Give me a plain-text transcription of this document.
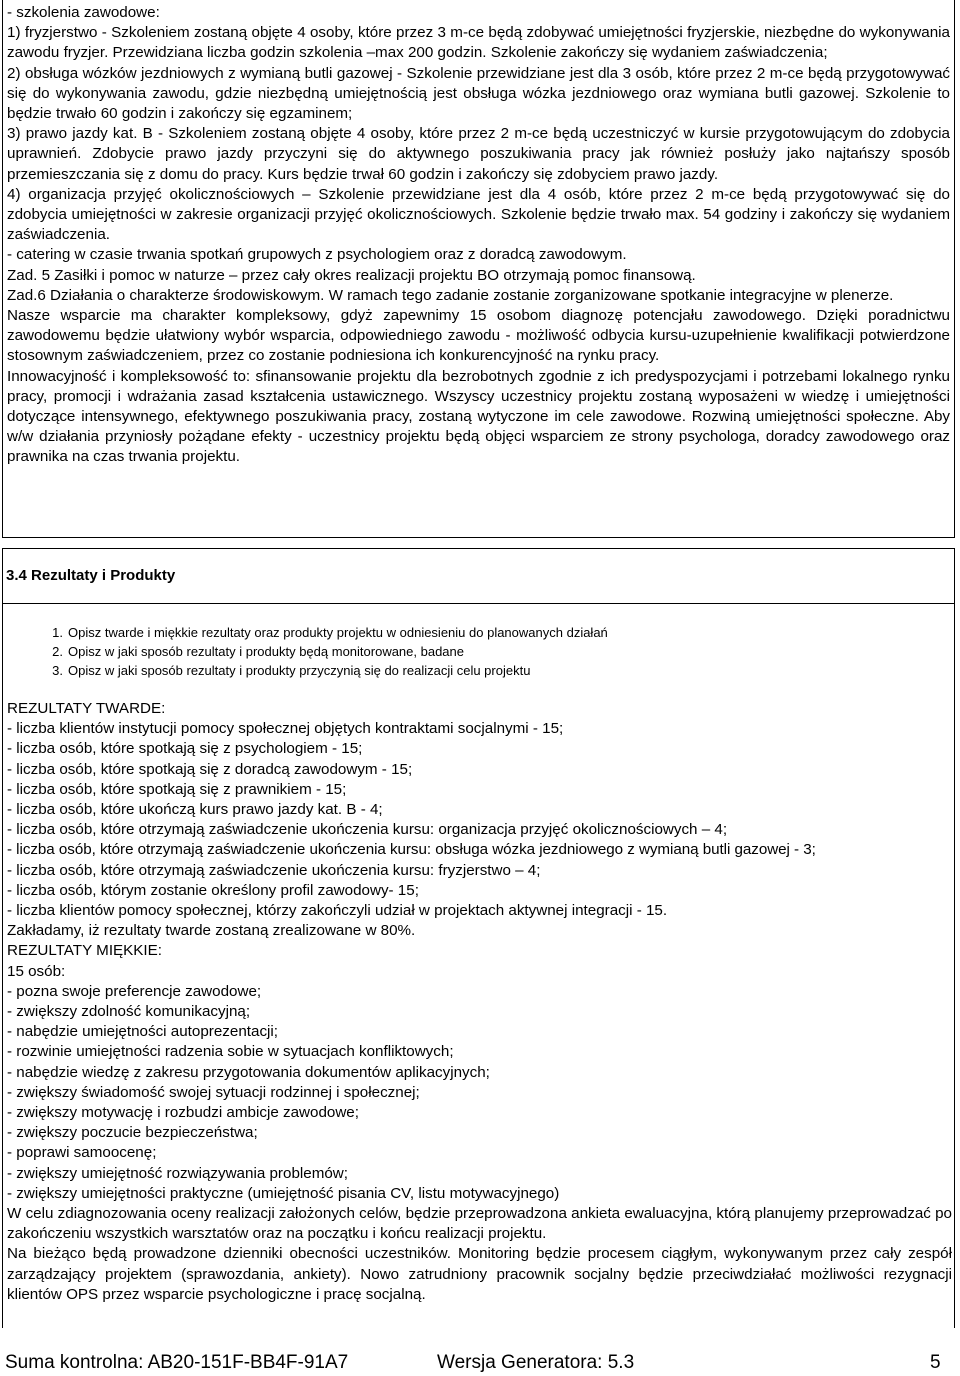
- szkolenia zawodowe:

1) fryzjerstwo - Szkoleniem zostaną objęte 4 osoby, które przez 3 m-ce będą zdobywać umiejętności fryzjerskie, niezbędne do wykonywania zawodu fryzjer. Przewidziana liczba godzin szkolenia –max 200 godzin. Szkolenie zakończy się wydaniem zaświadczenia;

2) obsługa wózków jezdniowych z wymianą butli gazowej - Szkolenie przewidziane jest dla 3 osób, które przez 2 m-ce będą przygotowywać się do wykonywania zawodu, gdzie niezbędną umiejętnością jest obsługa wózka jezdniowego oraz wymiana butli gazowej. Szkolenie to będzie trwało 60 godzin i zakończy się egzaminem;

3) prawo jazdy kat. B - Szkoleniem zostaną objęte 4 osoby, które przez 2 m-ce będą uczestniczyć w kursie przygotowującym do zdobycia uprawnień. Zdobycie prawo jazdy przyczyni się do aktywnego poszukiwania pracy jak również posłuży jako najtańszy sposób przemieszczania się z domu do pracy. Kurs będzie trwał 60 godzin i zakończy się zdobyciem prawo jazdy.

4) organizacja przyjęć okolicznościowych – Szkolenie przewidziane jest dla 4 osób, które przez 2 m-ce będą przygotowywać się do zdobycia umiejętności w zakresie organizacji przyjęć okolicznościowych. Szkolenie będzie trwało max. 54 godziny i zakończy się wydaniem zaświadczenia.

- catering w czasie trwania spotkań grupowych z psychologiem oraz z doradcą zawodowym.

Zad. 5 Zasiłki i pomoc w naturze – przez cały okres realizacji projektu BO otrzymają pomoc finansową.

Zad.6 Działania o charakterze środowiskowym. W ramach tego zadanie zostanie zorganizowane spotkanie integracyjne w plenerze.

Nasze wsparcie ma charakter kompleksowy, gdyż zapewnimy 15 osobom diagnozę potencjału zawodowego. Dzięki poradnictwu zawodowemu będzie ułatwiony wybór wsparcia, odpowiedniego zawodu - możliwość odbycia kursu-uzupełnienie kwalifikacji potwierdzone stosownym zaświadczeniem, przez co zostanie podniesiona ich konkurencyjność na rynku pracy.

Innowacyjność i kompleksowość to: sfinansowanie projektu dla bezrobotnych zgodnie z ich predyspozycjami i potrzebami lokalnego rynku pracy, promocji i wdrażania zasad kształcenia ustawicznego. Wszyscy uczestnicy projektu zostaną wyposażeni w wiedzę i umiejętności dotyczące intensywnego, efektywnego poszukiwania pracy, zostaną wytyczone im cele zawodowe. Rozwiną umiejętności społeczne. Aby w/w działania przyniosły pożądane efekty - uczestnicy projektu będą objęci wsparciem ze strony psychologa, doradcy zawodowego oraz prawnika na czas trwania projektu.

3.4 Rezultaty i Produkty
1. Opisz twarde i miękkie rezultaty oraz produkty projektu w odniesieniu do planowanych działań
2. Opisz w jaki sposób rezultaty i produkty będą monitorowane, badane
3. Opisz w jaki sposób rezultaty i produkty przyczynią się do realizacji celu projektu

REZULTATY TWARDE:

- liczba klientów instytucji pomocy społecznej objętych kontraktami socjalnymi - 15;

- liczba osób, które spotkają się z psychologiem - 15;

- liczba osób, które spotkają się z doradcą zawodowym - 15;

- liczba osób, które spotkają się z prawnikiem - 15;

- liczba osób, które ukończą kurs prawo jazdy kat. B - 4;

- liczba osób, które otrzymają zaświadczenie ukończenia kursu: organizacja przyjęć okolicznościowych – 4;

- liczba osób, które otrzymają zaświadczenie ukończenia kursu: obsługa wózka jezdniowego z wymianą butli gazowej - 3;

- liczba osób, które otrzymają zaświadczenie ukończenia kursu: fryzjerstwo – 4;

- liczba osób, którym zostanie określony profil zawodowy- 15;

- liczba klientów pomocy społecznej, którzy zakończyli udział w projektach aktywnej integracji - 15.

Zakładamy, iż rezultaty twarde zostaną zrealizowane w 80%.

REZULTATY MIĘKKIE:

15 osób:

- pozna swoje preferencje zawodowe;

- zwiększy zdolność komunikacyjną;

- nabędzie umiejętności autoprezentacji;

- rozwinie umiejętności radzenia sobie w sytuacjach konfliktowych;

- nabędzie wiedzę z zakresu przygotowania dokumentów aplikacyjnych;

- zwiększy świadomość swojej sytuacji rodzinnej i społecznej;

- zwiększy motywację i rozbudzi ambicje zawodowe;

- zwiększy poczucie bezpieczeństwa;

- poprawi samoocenę;

- zwiększy umiejętność rozwiązywania problemów;

- zwiększy umiejętności praktyczne (umiejętność pisania CV, listu motywacyjnego)

W celu zdiagnozowania oceny realizacji założonych celów, będzie przeprowadzona ankieta ewaluacyjna, którą planujemy przeprowadzać po zakończeniu wszystkich warsztatów oraz na początku i końcu realizacji projektu.

Na bieżąco będą prowadzone dzienniki obecności uczestników. Monitoring będzie procesem ciągłym, wykonywanym przez cały zespół zarządzający projektem (sprawozdania, ankiety). Nowo zatrudniony pracownik socjalny będzie przeciwdziałać możliwości rezygnacji klientów OPS przez wsparcie psychologiczne i pracę socjalną.

Suma kontrolna: AB20-151F-BB4F-91A7	Wersja Generatora: 5.3	5
